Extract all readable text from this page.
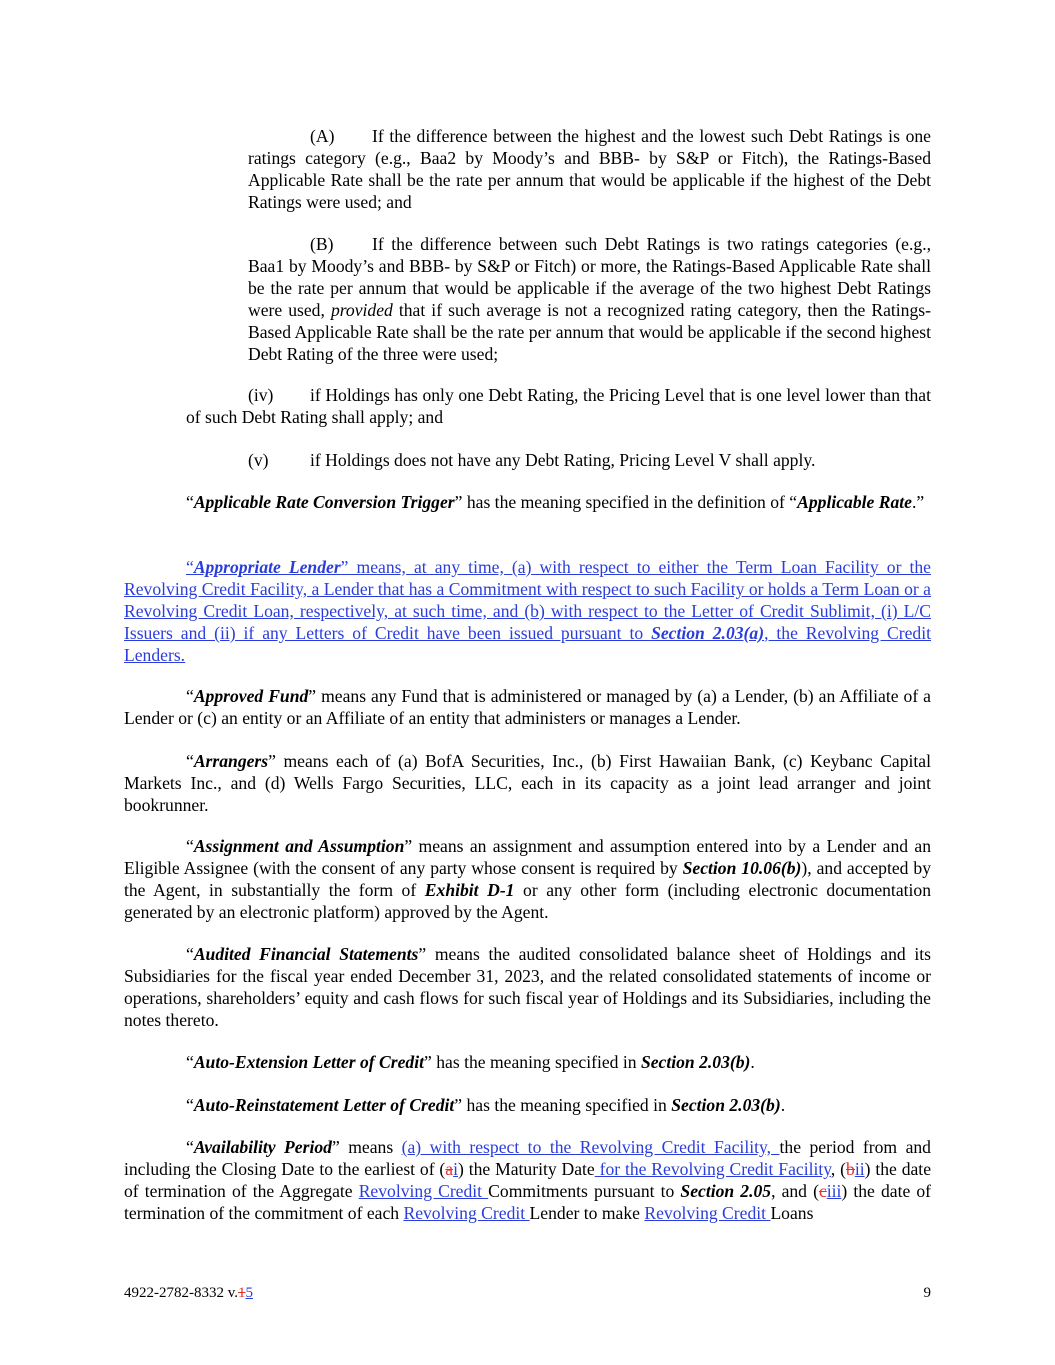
(A) If the difference between the highest and the lowest such Debt Ratings is one ratings category (e.g., Baa2 by Moody’s and BBB- by S&P or Fitch), the Ratings-Based Applicable Rate shall be the rate per annum that would be applicable if the highest of the Debt Ratings were used; and

(B) If the difference between such Debt Ratings is two ratings categories (e.g., Baa1 by Moody’s and BBB- by S&P or Fitch) or more, the Ratings-Based Applicable Rate shall be the rate per annum that would be applicable if the average of the two highest Debt Ratings were used, provided that if such average is not a recognized rating category, then the Ratings-Based Applicable Rate shall be the rate per annum that would be applicable if the second highest Debt Rating of the three were used;

(iv) if Holdings has only one Debt Rating, the Pricing Level that is one level lower than that of such Debt Rating shall apply; and

(v) if Holdings does not have any Debt Rating, Pricing Level V shall apply.

“Applicable Rate Conversion Trigger” has the meaning specified in the definition of “Applicable Rate.”

“Appropriate Lender” means, at any time, (a) with respect to either the Term Loan Facility or the Revolving Credit Facility, a Lender that has a Commitment with respect to such Facility or holds a Term Loan or a Revolving Credit Loan, respectively, at such time, and (b) with respect to the Letter of Credit Sublimit, (i) L/C Issuers and (ii) if any Letters of Credit have been issued pursuant to Section 2.03(a), the Revolving Credit Lenders.

“Approved Fund” means any Fund that is administered or managed by (a) a Lender, (b) an Affiliate of a Lender or (c) an entity or an Affiliate of an entity that administers or manages a Lender.

“Arrangers” means each of (a) BofA Securities, Inc., (b) First Hawaiian Bank, (c) Keybanc Capital Markets Inc., and (d) Wells Fargo Securities, LLC, each in its capacity as a joint lead arranger and joint bookrunner.

“Assignment and Assumption” means an assignment and assumption entered into by a Lender and an Eligible Assignee (with the consent of any party whose consent is required by Section 10.06(b)), and accepted by the Agent, in substantially the form of Exhibit D-1 or any other form (including electronic documentation generated by an electronic platform) approved by the Agent.

“Audited Financial Statements” means the audited consolidated balance sheet of Holdings and its Subsidiaries for the fiscal year ended December 31, 2023, and the related consolidated statements of income or operations, shareholders’ equity and cash flows for such fiscal year of Holdings and its Subsidiaries, including the notes thereto.

“Auto-Extension Letter of Credit” has the meaning specified in Section 2.03(b).

“Auto-Reinstatement Letter of Credit” has the meaning specified in Section 2.03(b).

“Availability Period” means (a) with respect to the Revolving Credit Facility, the period from and including the Closing Date to the earliest of (ai) the Maturity Date for the Revolving Credit Facility, (bii) the date of termination of the Aggregate Revolving Credit Commitments pursuant to Section 2.05, and (ciii) the date of termination of the commitment of each Revolving Credit Lender to make Revolving Credit Loans

4922-2782-8332 v.15	9
